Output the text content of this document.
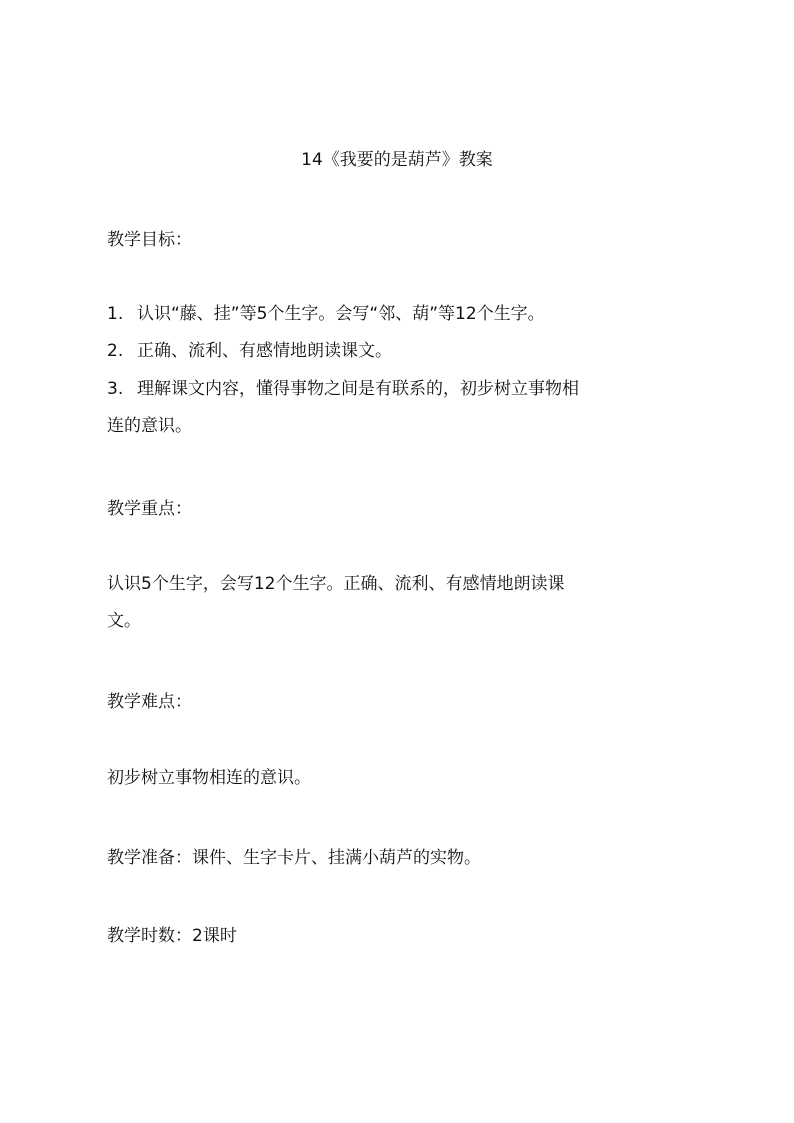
14《我要的是葫芦》教案
教学目标：
1. 认识“藤、挂”等5个生字。会写“邻、葫”等12个生字。
2. 正确、流利、有感情地朗读课文。
3. 理解课文内容，懂得事物之间是有联系的，初步树立事物相
连的意识。
教学重点：
认识5个生字，会写12个生字。正确、流利、有感情地朗读课
文。
教学难点：
初步树立事物相连的意识。
教学准备：课件、生字卡片、挂满小葫芦的实物。
教学时数：2课时
